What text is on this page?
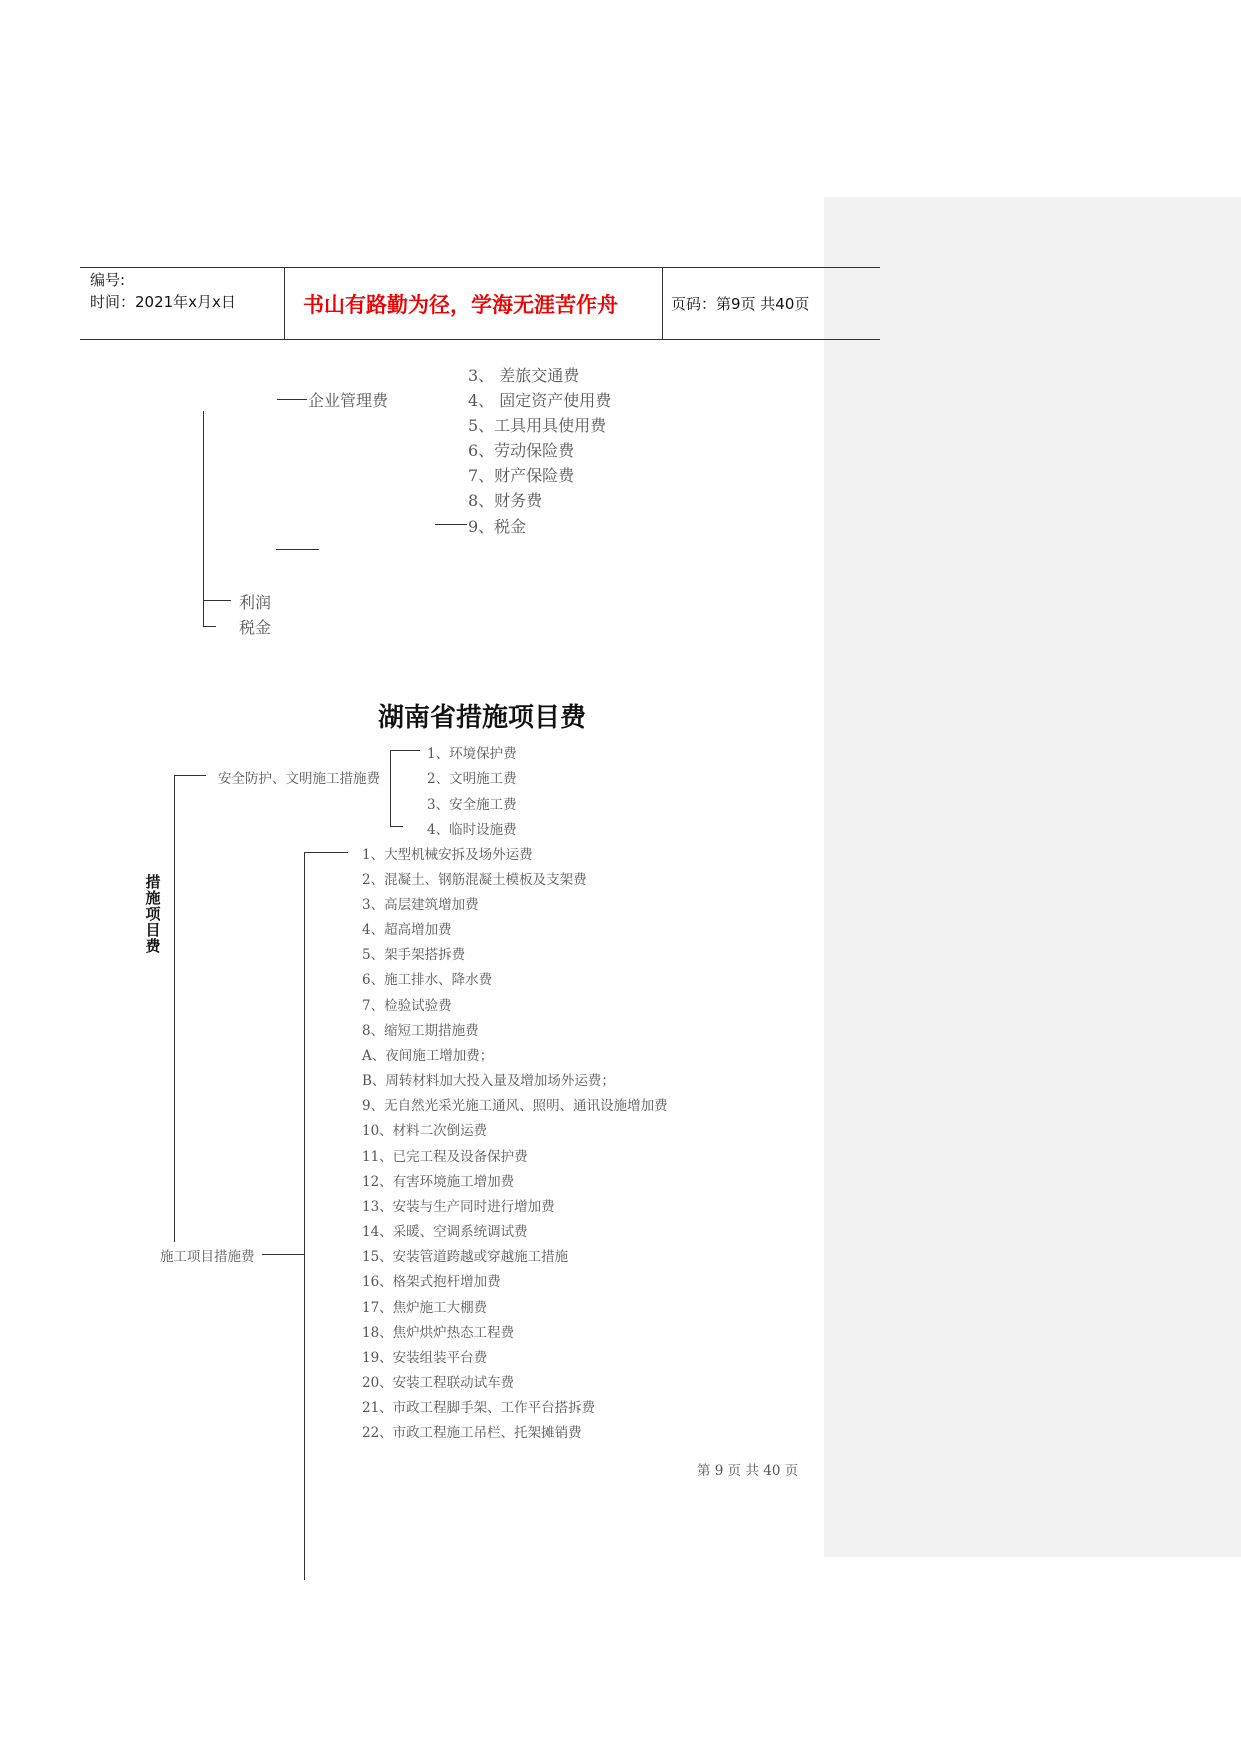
编号:
时间：2021年x月x日	书山有路勤为径，学海无涯苦作舟	页码：第9页 共40页
企业管理费
3、 差旅交通费
4、 固定资产使用费
5、工具用具使用费
6、劳动保险费
7、财产保险费
8、财务费
9、税金
利润
税金
湖南省措施项目费
措施项目费
安全防护、文明施工措施费
1、环境保护费
2、文明施工费
3、安全施工费
4、临时设施费
施工项目措施费
1、大型机械安拆及场外运费
2、混凝土、钢筋混凝土模板及支架费
3、高层建筑增加费
4、超高增加费
5、架手架搭拆费
6、施工排水、降水费
7、检验试验费
8、缩短工期措施费
A、夜间施工增加费；
B、周转材料加大投入量及增加场外运费；
9、无自然光采光施工通风、照明、通讯设施增加费
10、材料二次倒运费
11、已完工程及设备保护费
12、有害环境施工增加费
13、安装与生产同时进行增加费
14、采暖、空调系统调试费
15、安装管道跨越或穿越施工措施
16、格架式抱杆增加费
17、焦炉施工大棚费
18、焦炉烘炉热态工程费
19、安装组装平台费
20、安装工程联动试车费
21、市政工程脚手架、工作平台搭拆费
22、市政工程施工吊栏、托架摊销费
第 9 页 共 40 页
